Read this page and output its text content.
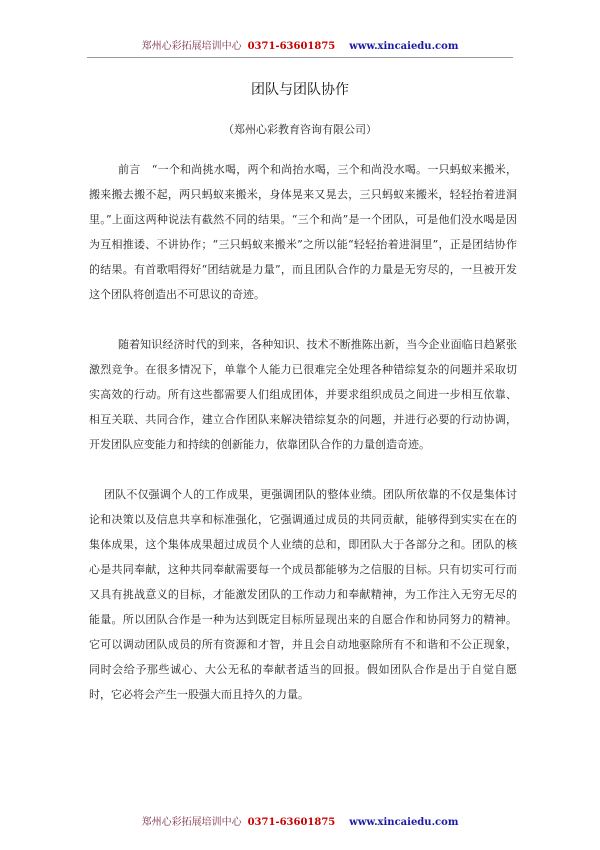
郑州心彩拓展培训中心 0371-63601875 www.xincaiedu.com
团队与团队协作
（郑州心彩教育咨询有限公司）

前言　“一个和尚挑水喝，两个和尚抬水喝，三个和尚没水喝。一只蚂蚁来搬米，搬来搬去搬不起，两只蚂蚁来搬米，身体晃来又晃去，三只蚂蚁来搬米，轻轻抬着进洞里。”上面这两种说法有截然不同的结果。“三个和尚”是一个团队，可是他们没水喝是因为互相推诿、不讲协作；“三只蚂蚁来搬米”之所以能“轻轻抬着进洞里”，正是团结协作的结果。有首歌唱得好“团结就是力量”，而且团队合作的力量是无穷尽的，一旦被开发这个团队将创造出不可思议的奇迹。

随着知识经济时代的到来，各种知识、技术不断推陈出新，当今企业面临日趋紧张激烈竞争。在很多情况下，单靠个人能力已很难完全处理各种错综复杂的问题并采取切实高效的行动。所有这些都需要人们组成团体，并要求组织成员之间进一步相互依靠、相互关联、共同合作，建立合作团队来解决错综复杂的问题，并进行必要的行动协调，开发团队应变能力和持续的创新能力，依靠团队合作的力量创造奇迹。

团队不仅强调个人的工作成果，更强调团队的整体业绩。团队所依靠的不仅是集体讨论和决策以及信息共享和标准强化，它强调通过成员的共同贡献，能够得到实实在在的集体成果，这个集体成果超过成员个人业绩的总和，即团队大于各部分之和。团队的核心是共同奉献，这种共同奉献需要每一个成员都能够为之信服的目标。只有切实可行而又具有挑战意义的目标，才能激发团队的工作动力和奉献精神，为工作注入无穷无尽的能量。所以团队合作是一种为达到既定目标所显现出来的自愿合作和协同努力的精神。它可以调动团队成员的所有资源和才智，并且会自动地驱除所有不和谐和不公正现象，同时会给予那些诚心、大公无私的奉献者适当的回报。假如团队合作是出于自觉自愿时，它必将会产生一股强大而且持久的力量。

郑州心彩拓展培训中心 0371-63601875 www.xincaiedu.com
